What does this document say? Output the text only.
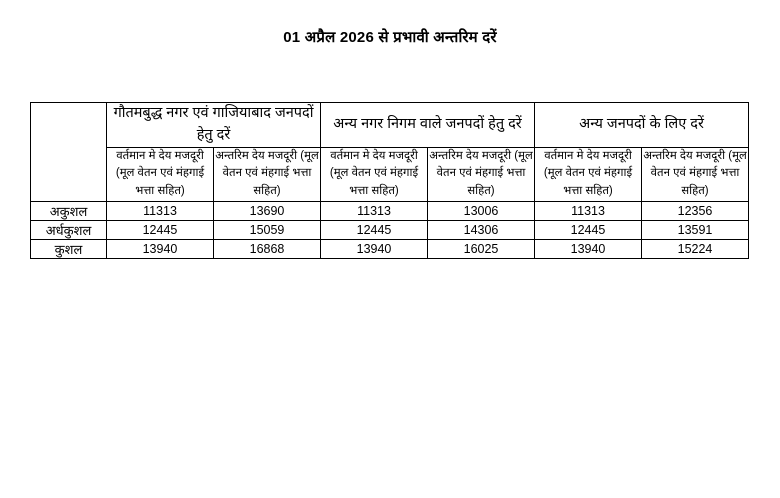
01 अप्रैल 2026 से प्रभावी अन्तरिम दरें
	गौतमबुद्ध नगर एवं गाजियाबाद जनपदों हेतु दरें		अन्य नगर निगम वाले जनपदों हेतु दरें		अन्य जनपदों के लिए दरें	
	वर्तमान मे देय मजदूरी (मूल वेतन एवं मंहगाई भत्ता सहित)	अन्तरिम देय मजदूरी (मूल वेतन एवं मंहगाई भत्ता सहित)	वर्तमान मे देय मजदूरी (मूल वेतन एवं मंहगाई भत्ता सहित)	अन्तरिम देय मजदूरी (मूल वेतन एवं मंहगाई भत्ता सहित)	वर्तमान मे देय मजदूरी (मूल वेतन एवं मंहगाई भत्ता सहित)	अन्तरिम देय मजदूरी (मूल वेतन एवं मंहगाई भत्ता सहित)
अकुशल	11313	13690	11313	13006	11313	12356
अर्धकुशल	12445	15059	12445	14306	12445	13591
कुशल	13940	16868	13940	16025	13940	15224
